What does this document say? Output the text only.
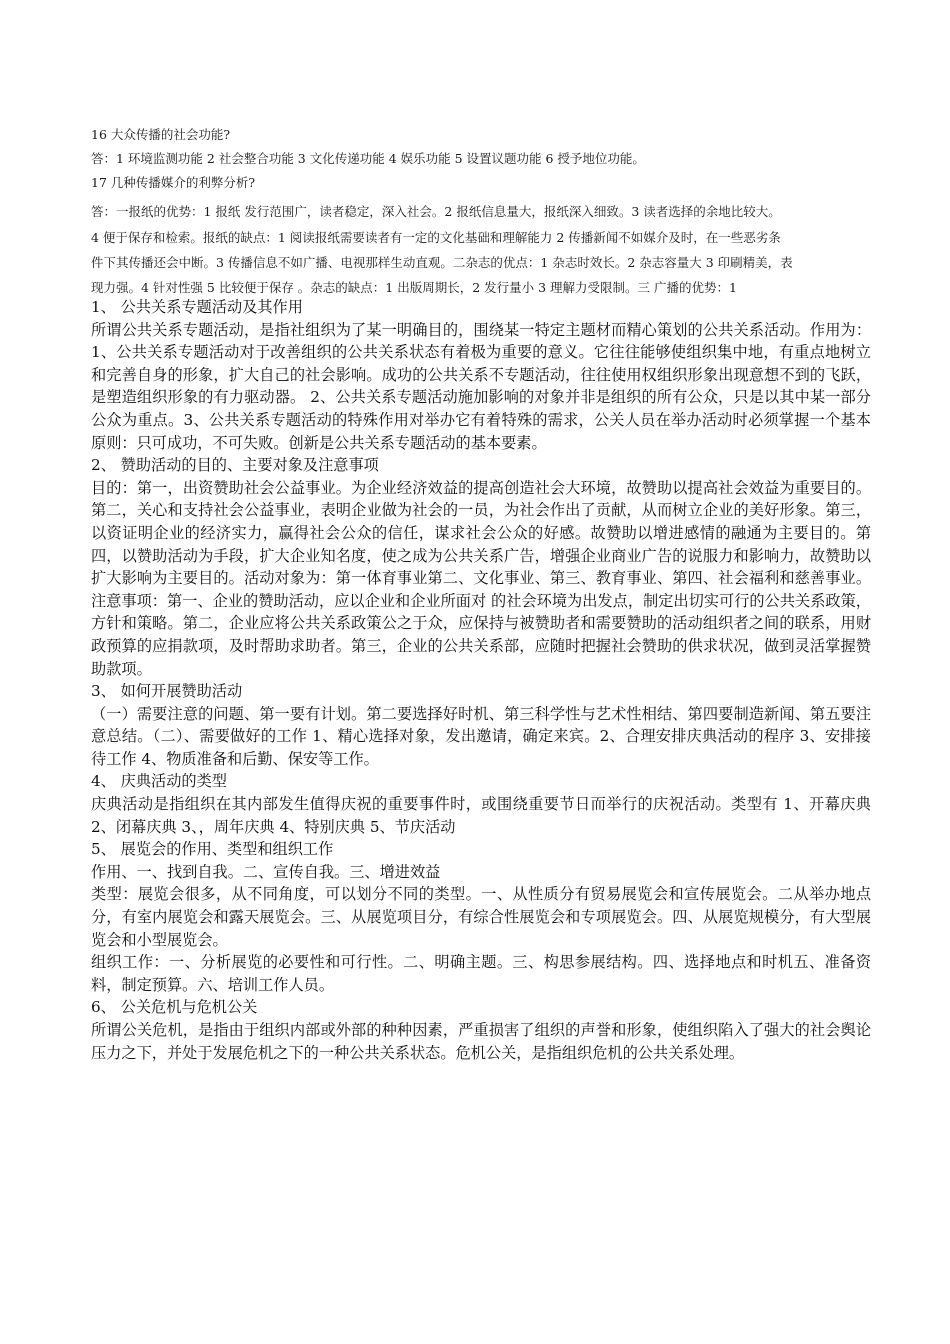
16 大众传播的社会功能?
答：1 环境监测功能 2 社会整合功能 3 文化传递功能 4 娱乐功能 5 设置议题功能 6 授予地位功能。
17 几种传播媒介的利弊分析?
答：一报纸的优势：1 报纸 发行范围广，读者稳定，深入社会。2 报纸信息量大，报纸深入细致。3 读者选择的余地比较大。
4 便于保存和检索。报纸的缺点：1 阅读报纸需要读者有一定的文化基础和理解能力 2 传播新闻不如媒介及时，在一些恶劣条
件下其传播还会中断。3 传播信息不如广播、电视那样生动直观。二杂志的优点：1 杂志时效长。2 杂志容量大 3 印刷精美，表
现力强。4 针对性强 5 比较便于保存 。杂志的缺点：1 出版周期长，2 发行量小 3 理解力受限制。三 广播的优势：1

1、 公共关系专题活动及其作用

所谓公共关系专题活动，是指社组织为了某一明确目的，围绕某一特定主题材而精心策划的公共关系活动。作用为：1、公共关系专题活动对于改善组织的公共关系状态有着极为重要的意义。它往往能够使组织集中地，有重点地树立和完善自身的形象，扩大自己的社会影响。成功的公共关系不专题活动，往往使用权组织形象出现意想不到的飞跃，是塑造组织形象的有力驱动器。 2、公共关系专题活动施加影响的对象并非是组织的所有公众，只是以其中某一部分公众为重点。3、公共关系专题活动的特殊作用对举办它有着特殊的需求，公关人员在举办活动时必须掌握一个基本原则：只可成功，不可失败。创新是公共关系专题活动的基本要素。

2、 赞助活动的目的、主要对象及注意事项

目的：第一，出资赞助社会公益事业。为企业经济效益的提高创造社会大环境，故赞助以提高社会效益为重要目的。第二，关心和支持社会公益事业，表明企业做为社会的一员，为社会作出了贡献，从而树立企业的美好形象。第三，以资证明企业的经济实力，赢得社会公众的信任，谋求社会公众的好感。故赞助以增进感情的融通为主要目的。第四，以赞助活动为手段，扩大企业知名度，使之成为公共关系广告，增强企业商业广告的说服力和影响力，故赞助以扩大影响为主要目的。活动对象为：第一体育事业第二、文化事业、第三、教育事业、第四、社会福利和慈善事业。注意事项：第一、企业的赞助活动，应以企业和企业所面对 的社会环境为出发点，制定出切实可行的公共关系政策，方针和策略。第二，企业应将公共关系政策公之于众，应保持与被赞助者和需要赞助的活动组织者之间的联系，用财政预算的应捐款项，及时帮助求助者。第三，企业的公共关系部，应随时把握社会赞助的供求状况，做到灵活掌握赞助款项。

3、 如何开展赞助活动

（一）需要注意的问题、第一要有计划。第二要选择好时机、第三科学性与艺术性相结、第四要制造新闻、第五要注意总结。（二）、需要做好的工作 1、精心选择对象，发出邀请，确定来宾。2、合理安排庆典活动的程序 3、安排接待工作 4、物质准备和后勤、保安等工作。

4、 庆典活动的类型

庆典活动是指组织在其内部发生值得庆祝的重要事件时，或围绕重要节日而举行的庆祝活动。类型有 1、开幕庆典 2、闭幕庆典 3、，周年庆典 4、特别庆典 5、节庆活动

5、 展览会的作用、类型和组织工作

作用、一、找到自我。二、宣传自我。三、增进效益

类型：展览会很多，从不同角度，可以划分不同的类型。一、从性质分有贸易展览会和宣传展览会。二从举办地点分，有室内展览会和露天展览会。三、从展览项目分，有综合性展览会和专项展览会。四、从展览规模分，有大型展览会和小型展览会。

组织工作：一、分析展览的必要性和可行性。二、明确主题。三、构思参展结构。四、选择地点和时机五、准备资料，制定预算。六、培训工作人员。

6、 公关危机与危机公关

所谓公关危机，是指由于组织内部或外部的种种因素，严重损害了组织的声誉和形象，使组织陷入了强大的社会舆论压力之下，并处于发展危机之下的一种公共关系状态。危机公关，是指组织危机的公共关系处理。
